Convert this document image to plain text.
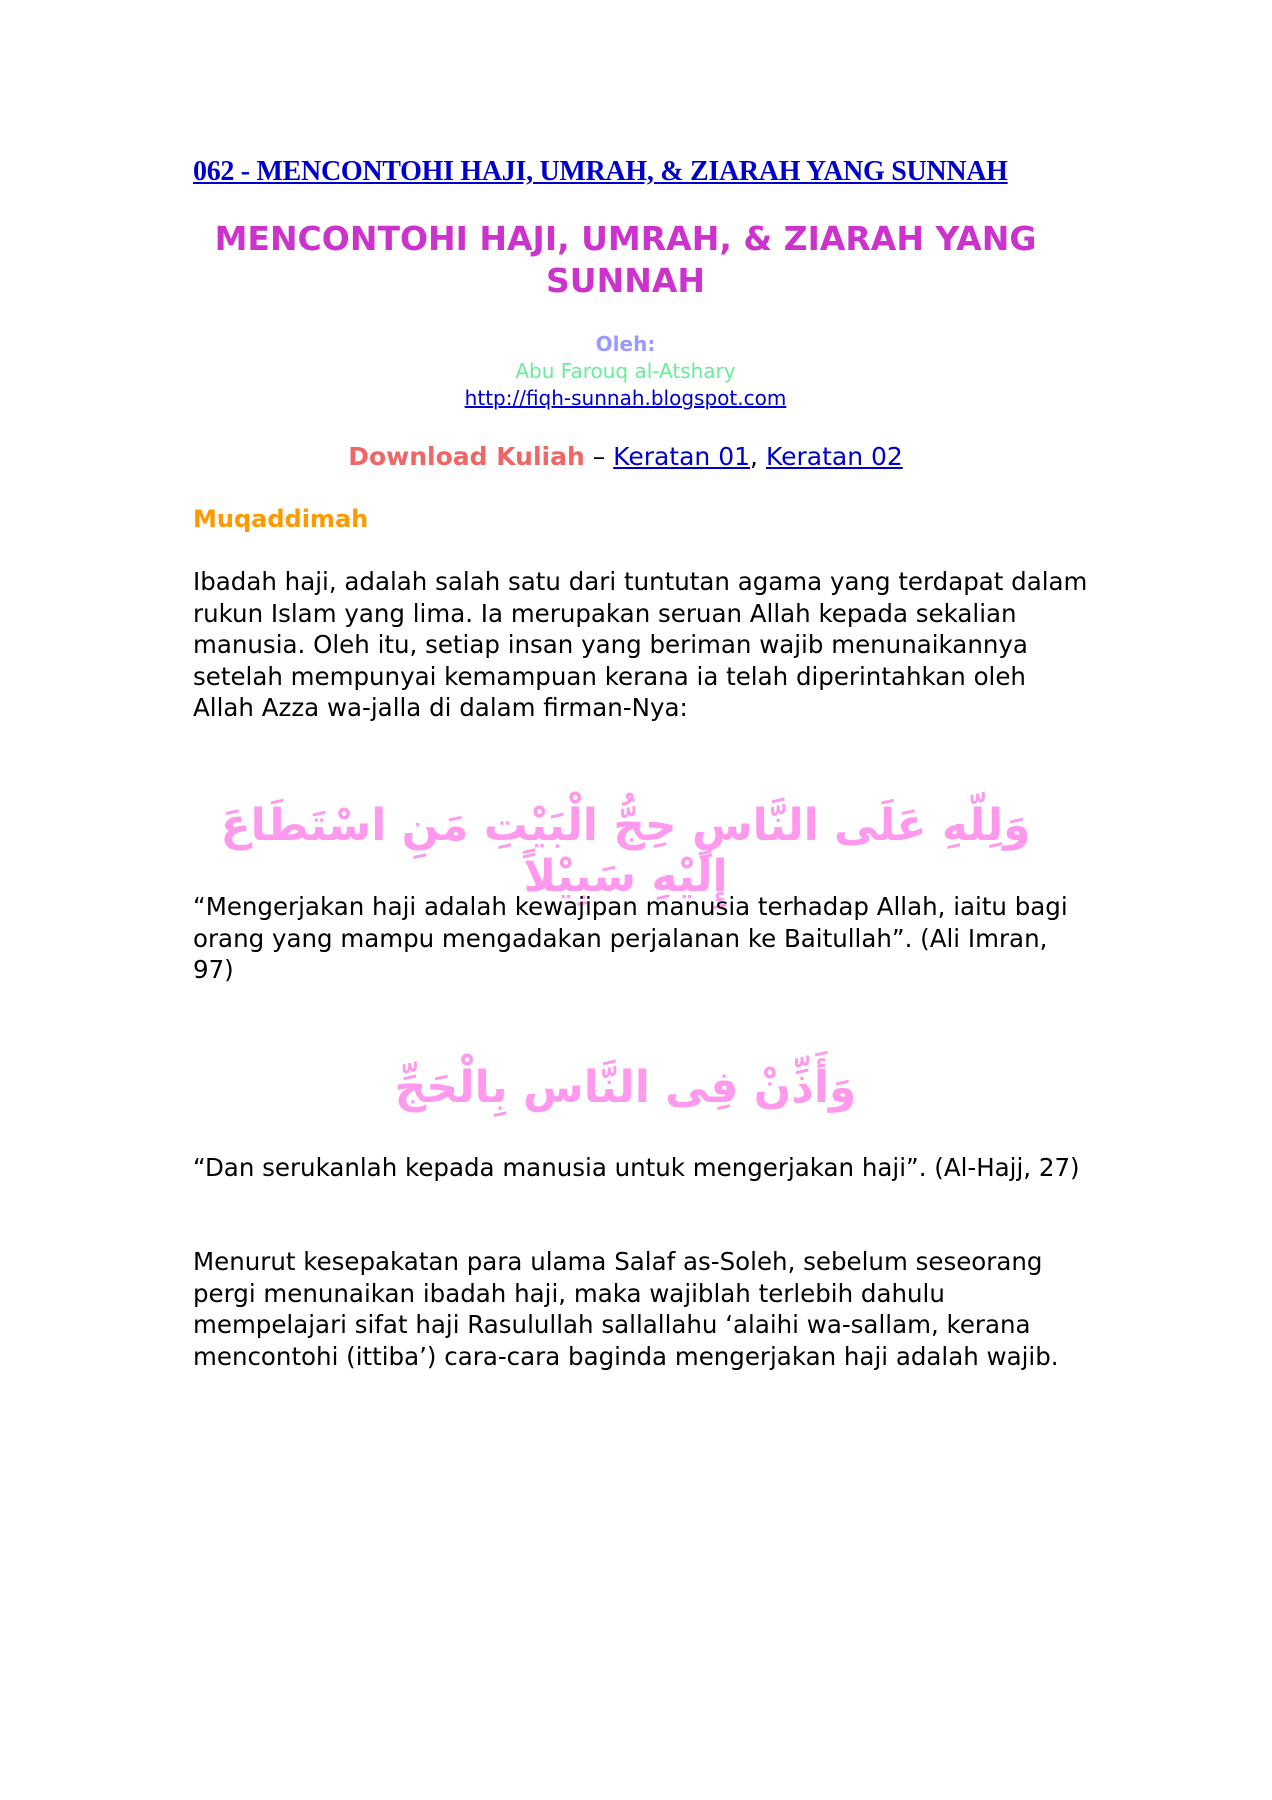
062 - MENCONTOHI HAJI, UMRAH, & ZIARAH YANG SUNNAH
MENCONTOHI HAJI, UMRAH, & ZIARAH YANG SUNNAH
Oleh:
Abu Farouq al-Atshary
http://fiqh-sunnah.blogspot.com
Download Kuliah – Keratan 01, Keratan 02
Muqaddimah
Ibadah haji, adalah salah satu dari tuntutan agama yang terdapat dalam rukun Islam yang lima. Ia merupakan seruan Allah kepada sekalian manusia. Oleh itu, setiap insan yang beriman wajib menunaikannya setelah mempunyai kemampuan kerana ia telah diperintahkan oleh Allah Azza wa-jalla di dalam firman-Nya:
وَلِلّهِ عَلَى النَّاسِ حِجُّ الْبَيْتِ مَنِ اسْتَطَاعَ إِلَيْهِ سَبِيْلاً
“Mengerjakan haji adalah kewajipan manusia terhadap Allah, iaitu bagi orang yang mampu mengadakan perjalanan ke Baitullah”. (Ali Imran, 97)
وَأَذِّنْ فِى النَّاس بِالْحَجِّ
“Dan serukanlah kepada manusia untuk mengerjakan haji”. (Al-Hajj, 27)
Menurut kesepakatan para ulama Salaf as-Soleh, sebelum seseorang pergi menunaikan ibadah haji, maka wajiblah terlebih dahulu mempelajari sifat haji Rasulullah sallallahu ‘alaihi wa-sallam, kerana mencontohi (ittiba’) cara-cara baginda mengerjakan haji adalah wajib.
